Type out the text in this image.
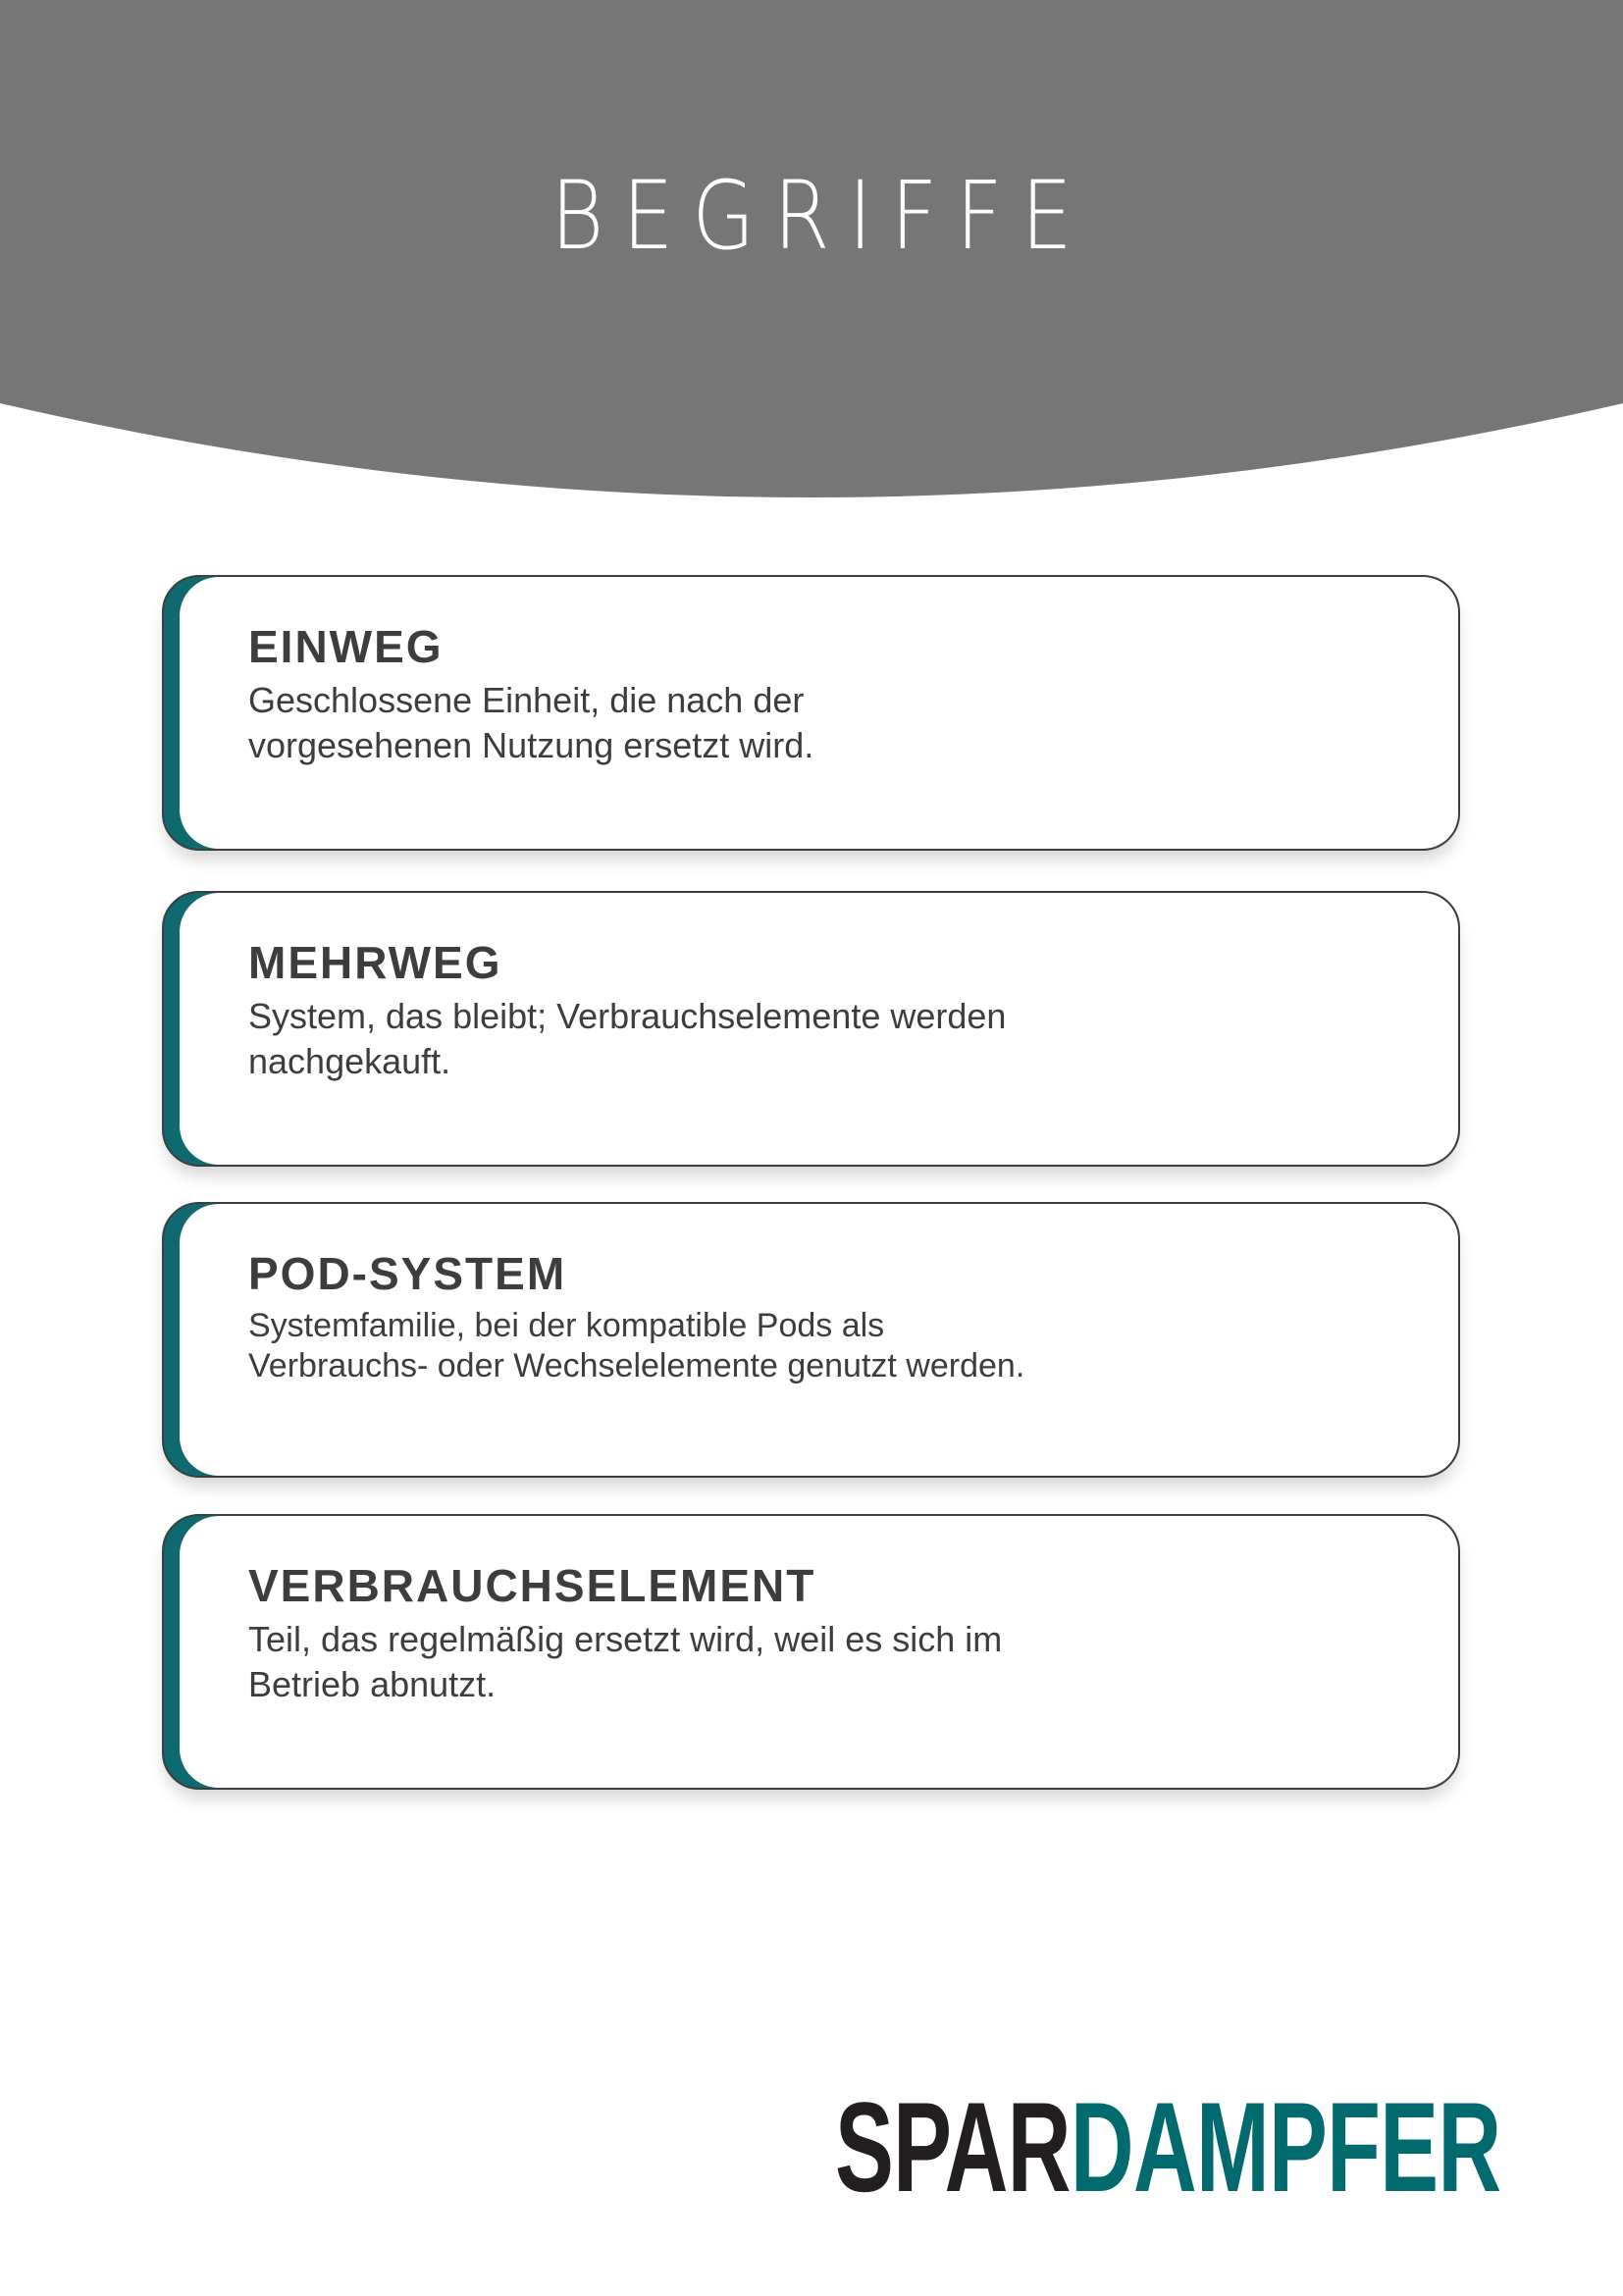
BEGRIFFE
EINWEG

Geschlossene Einheit, die nach der
vorgesehenen Nutzung ersetzt wird.

MEHRWEG

System, das bleibt; Verbrauchselemente werden
nachgekauft.

POD-SYSTEM

Systemfamilie, bei der kompatible Pods als
Verbrauchs- oder Wechselelemente genutzt werden.

VERBRAUCHSELEMENT

Teil, das regelmäßig ersetzt wird, weil es sich im
Betrieb abnutzt.

SPARDAMPFER
